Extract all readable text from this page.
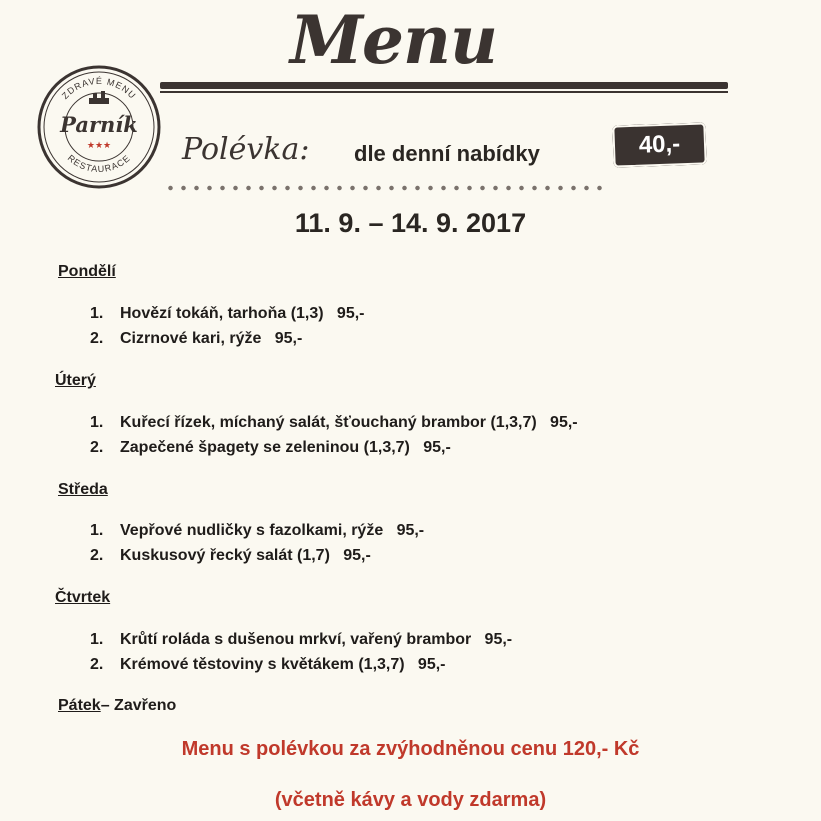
Menu
ZDRAVÉ MENU
RESTAURACE
Parník
★★★ Polévka: dle denní nabídky	40,-
11. 9. – 14. 9. 2017
Pondělí
1. Hovězí tokáň, tarhoňa (1,3)   95,-
2. Cizrnové kari, rýže   95,-
Úterý
1. Kuřecí řízek, míchaný salát, šťouchaný brambor (1,3,7)   95,-
2. Zapečené špagety se zeleninou (1,3,7)   95,-
Středa
1. Vepřové nudličky s fazolkami, rýže   95,-
2. Kuskusový řecký salát (1,7)   95,-
Čtvrtek
1. Krůtí roláda s dušenou mrkví, vařený brambor   95,-
2. Krémové těstoviny s květákem (1,3,7)   95,-
Pátek– Zavřeno
Menu s polévkou za zvýhodněnou cenu 120,- Kč
(včetně kávy a vody zdarma)
